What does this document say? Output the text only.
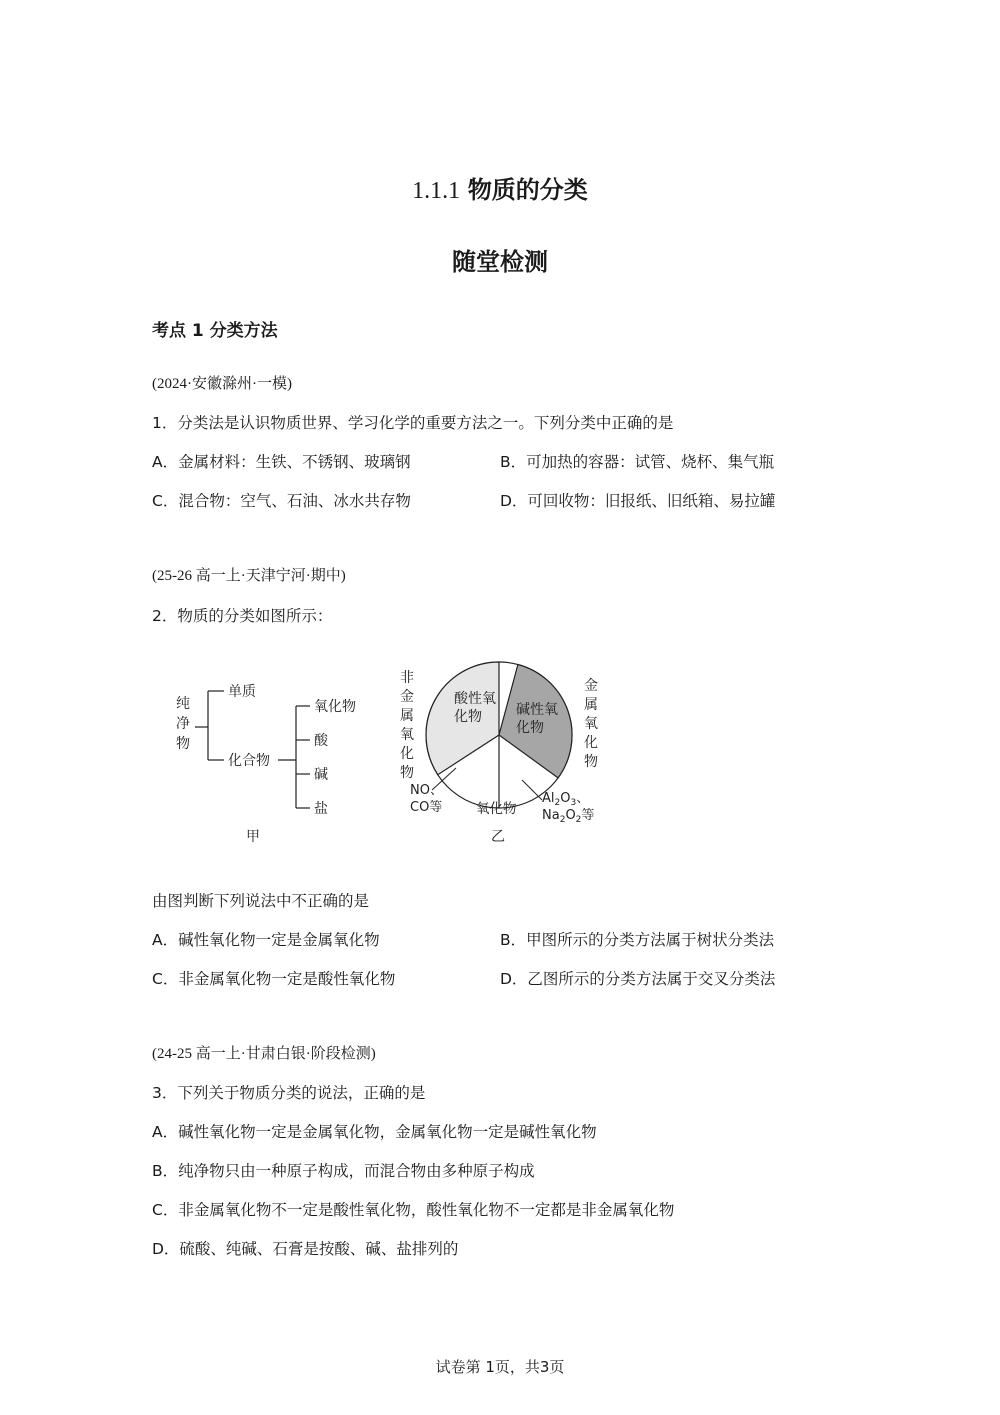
1.1.1 物质的分类
随堂检测
考点 1 分类方法
(2024·安徽滁州·一模)
1．分类法是认识物质世界、学习化学的重要方法之一。下列分类中正确的是
A．金属材料：生铁、不锈钢、玻璃钢	B．可加热的容器：试管、烧杯、集气瓶
C．混合物：空气、石油、冰水共存物	D．可回收物：旧报纸、旧纸箱、易拉罐
(25-26 高一上·天津宁河·期中)
2．物质的分类如图所示：
纯
净
物
单质
化合物
氧化物
酸
碱
盐
甲
酸性氧
化物 碱性氧
化物
非
金
属
氧
化
物
金
属
氧
化
物
NO、
CO等 氧化物
$Al_2O_3$、
$Na_2O_2$等
乙
由图判断下列说法中不正确的是
A．碱性氧化物一定是金属氧化物	B．甲图所示的分类方法属于树状分类法
C．非金属氧化物一定是酸性氧化物	D．乙图所示的分类方法属于交叉分类法
(24-25 高一上·甘肃白银·阶段检测)
3．下列关于物质分类的说法，正确的是
A．碱性氧化物一定是金属氧化物，金属氧化物一定是碱性氧化物
B．纯净物只由一种原子构成，而混合物由多种原子构成
C．非金属氧化物不一定是酸性氧化物，酸性氧化物不一定都是非金属氧化物
D．硫酸、纯碱、石膏是按酸、碱、盐排列的
试卷第 1页，共3页
